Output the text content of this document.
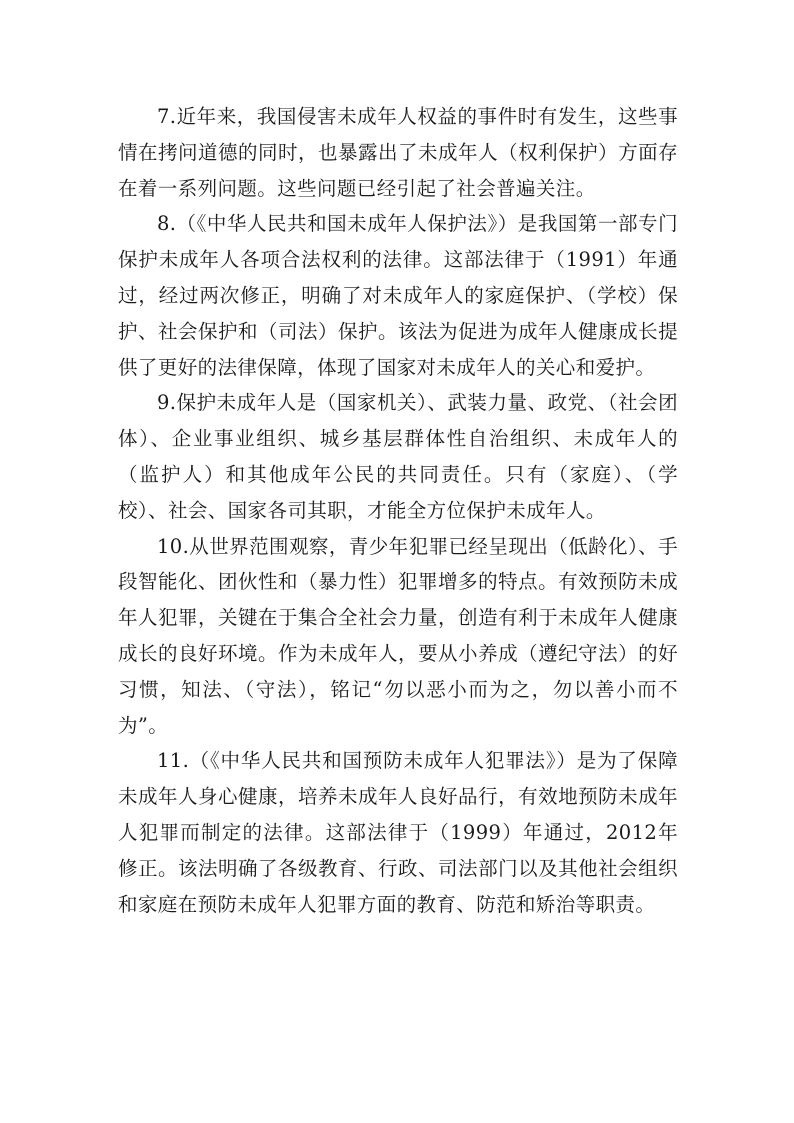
7.近年来，我国侵害未成年人权益的事件时有发生，这些事情在拷问道德的同时，也暴露出了未成年人（权利保护）方面存在着一系列问题。这些问题已经引起了社会普遍关注。

8.（《中华人民共和国未成年人保护法》）是我国第一部专门保护未成年人各项合法权利的法律。这部法律于（1991）年通过，经过两次修正，明确了对未成年人的家庭保护、（学校）保护、社会保护和（司法）保护。该法为促进为成年人健康成长提供了更好的法律保障，体现了国家对未成年人的关心和爱护。

9.保护未成年人是（国家机关）、武装力量、政党、（社会团体）、企业事业组织、城乡基层群体性自治组织、未成年人的（监护人）和其他成年公民的共同责任。只有（家庭）、（学校）、社会、国家各司其职，才能全方位保护未成年人。

10.从世界范围观察，青少年犯罪已经呈现出（低龄化）、手段智能化、团伙性和（暴力性）犯罪增多的特点。有效预防未成年人犯罪，关键在于集合全社会力量，创造有利于未成年人健康成长的良好环境。作为未成年人，要从小养成（遵纪守法）的好习惯，知法、（守法），铭记“勿以恶小而为之，勿以善小而不为”。

11.（《中华人民共和国预防未成年人犯罪法》）是为了保障未成年人身心健康，培养未成年人良好品行，有效地预防未成年人犯罪而制定的法律。这部法律于（1999）年通过，2012年修正。该法明确了各级教育、行政、司法部门以及其他社会组织和家庭在预防未成年人犯罪方面的教育、防范和矫治等职责。
